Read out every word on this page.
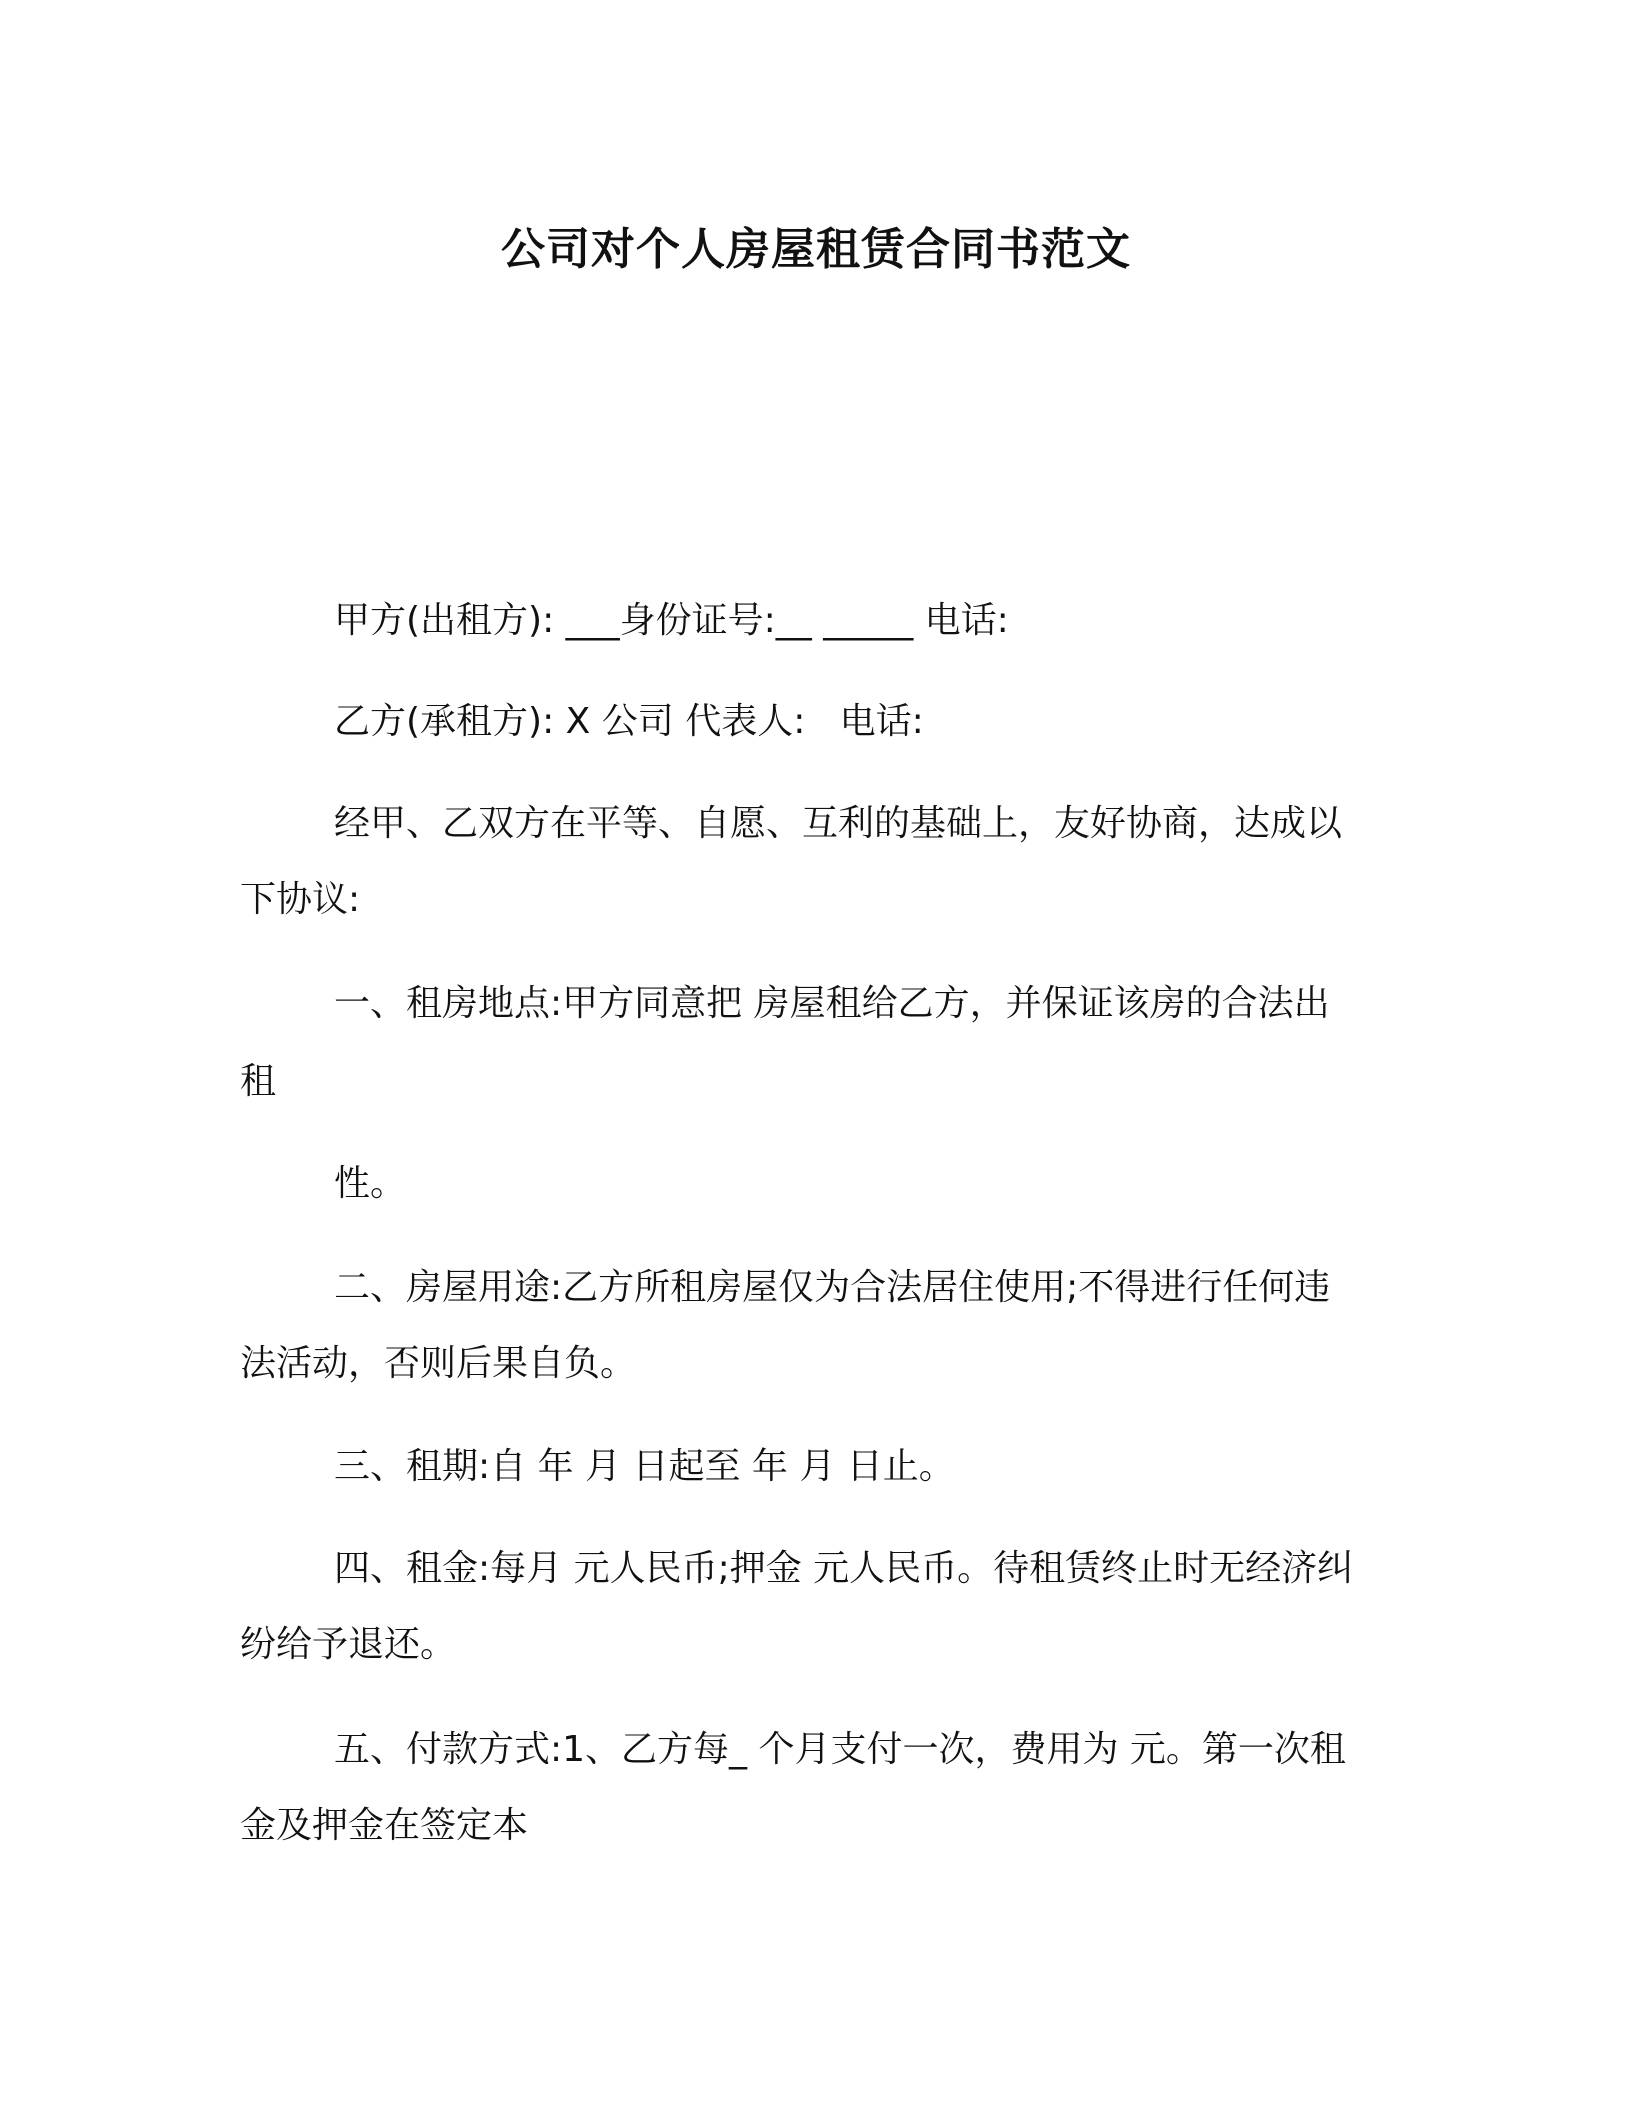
公司对个人房屋租赁合同书范文
甲方(出租方): ___身份证号:__ _____ 电话:
乙方(承租方): X 公司 代表人:   电话:
经甲、乙双方在平等、自愿、互利的基础上，友好协商，达成以
下协议:
一、租房地点:甲方同意把 房屋租给乙方，并保证该房的合法出
租
性。
二、房屋用途:乙方所租房屋仅为合法居住使用;不得进行任何违
法活动，否则后果自负。
三、租期:自 年 月 日起至 年 月 日止。
四、租金:每月 元人民币;押金 元人民币。待租赁终止时无经济纠
纷给予退还。
五、付款方式:1、乙方每_ 个月支付一次，费用为 元。第一次租
金及押金在签定本
